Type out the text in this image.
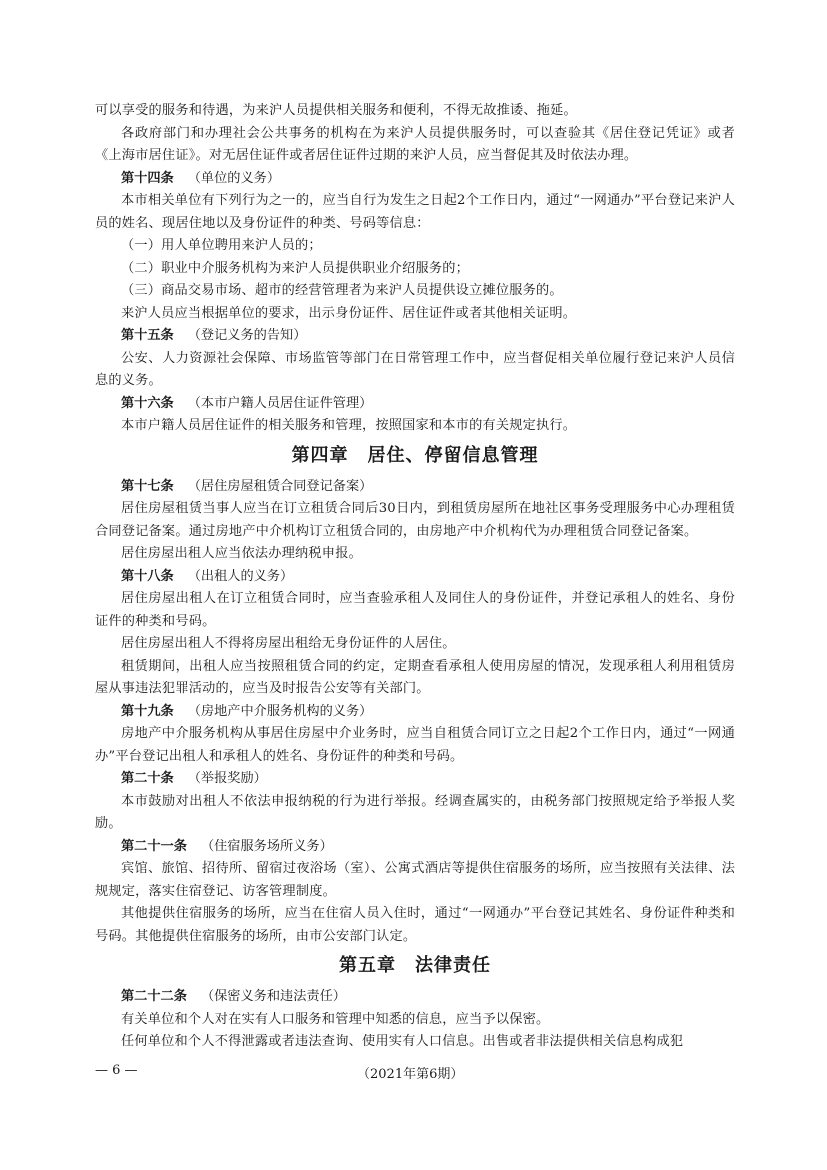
可以享受的服务和待遇，为来沪人员提供相关服务和便利，不得无故推诿、拖延。

各政府部门和办理社会公共事务的机构在为来沪人员提供服务时，可以查验其《居住登记凭证》或者《上海市居住证》。对无居住证件或者居住证件过期的来沪人员，应当督促其及时依法办理。

第十四条 （单位的义务）

本市相关单位有下列行为之一的，应当自行为发生之日起2个工作日内，通过“一网通办”平台登记来沪人员的姓名、现居住地以及身份证件的种类、号码等信息：

（一）用人单位聘用来沪人员的；

（二）职业中介服务机构为来沪人员提供职业介绍服务的；

（三）商品交易市场、超市的经营管理者为来沪人员提供设立摊位服务的。

来沪人员应当根据单位的要求，出示身份证件、居住证件或者其他相关证明。

第十五条 （登记义务的告知）

公安、人力资源社会保障、市场监管等部门在日常管理工作中，应当督促相关单位履行登记来沪人员信息的义务。

第十六条 （本市户籍人员居住证件管理）

本市户籍人员居住证件的相关服务和管理，按照国家和本市的有关规定执行。

第四章　居住、停留信息管理

第十七条 （居住房屋租赁合同登记备案）

居住房屋租赁当事人应当在订立租赁合同后30日内，到租赁房屋所在地社区事务受理服务中心办理租赁合同登记备案。通过房地产中介机构订立租赁合同的，由房地产中介机构代为办理租赁合同登记备案。

居住房屋出租人应当依法办理纳税申报。

第十八条 （出租人的义务）

居住房屋出租人在订立租赁合同时，应当查验承租人及同住人的身份证件，并登记承租人的姓名、身份证件的种类和号码。

居住房屋出租人不得将房屋出租给无身份证件的人居住。

租赁期间，出租人应当按照租赁合同的约定，定期查看承租人使用房屋的情况，发现承租人利用租赁房屋从事违法犯罪活动的，应当及时报告公安等有关部门。

第十九条 （房地产中介服务机构的义务）

房地产中介服务机构从事居住房屋中介业务时，应当自租赁合同订立之日起2个工作日内，通过“一网通办”平台登记出租人和承租人的姓名、身份证件的种类和号码。

第二十条 （举报奖励）

本市鼓励对出租人不依法申报纳税的行为进行举报。经调查属实的，由税务部门按照规定给予举报人奖励。

第二十一条 （住宿服务场所义务）

宾馆、旅馆、招待所、留宿过夜浴场（室）、公寓式酒店等提供住宿服务的场所，应当按照有关法律、法规规定，落实住宿登记、访客管理制度。

其他提供住宿服务的场所，应当在住宿人员入住时，通过“一网通办”平台登记其姓名、身份证件种类和号码。其他提供住宿服务的场所，由市公安部门认定。

第五章　法律责任

第二十二条 （保密义务和违法责任）

有关单位和个人对在实有人口服务和管理中知悉的信息，应当予以保密。

任何单位和个人不得泄露或者违法查询、使用实有人口信息。出售或者非法提供相关信息构成犯

— 6 —	（2021年第6期）
